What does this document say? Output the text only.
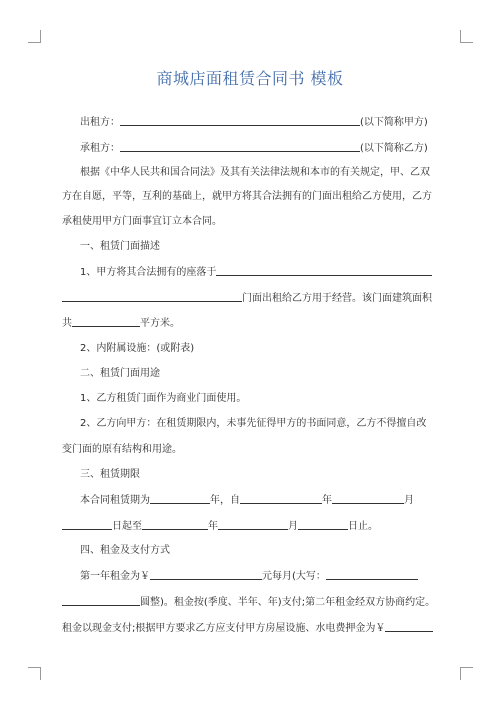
商城店面租赁合同书 模板
出租方：	(以下简称甲方)
承租方：	(以下简称乙方)
根据《中华人民共和国合同法》及其有关法律法规和本市的有关规定，甲、乙双
方在自愿，平等，互利的基础上，就甲方将其合法拥有的门面出租给乙方使用，乙方
承租使用甲方门面事宜订立本合同。
一、租赁门面描述
1、甲方将其合法拥有的座落于
门面出租给乙方用于经营。该门面建筑面积
共	平方米。
2、内附属设施：(或附表)
二、租赁门面用途
1、乙方租赁门面作为商业门面使用。
2、乙方向甲方：在租赁期限内，未事先征得甲方的书面同意，乙方不得擅自改
变门面的原有结构和用途。
三、租赁期限
本合同租赁期为	年，自	年	月
日起至	年	月	日止。
四、租金及支付方式
第一年租金为￥	元每月(大写：
圆整)。租金按(季度、半年、年)支付;第二年租金经双方协商约定。
租金以现金支付;根据甲方要求乙方应支付甲方房屋设施、水电费押金为￥
